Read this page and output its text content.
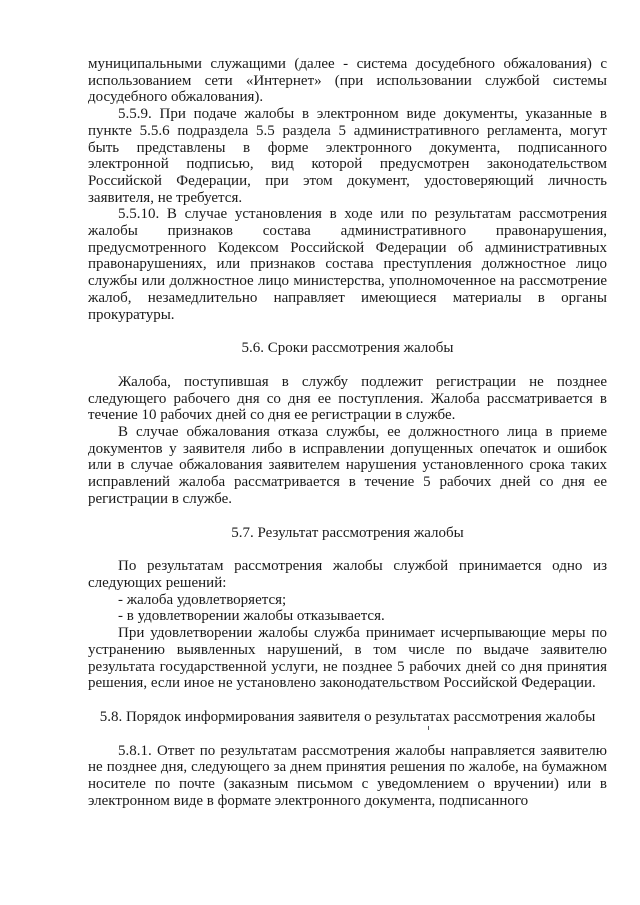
муниципальными служащими (далее - система досудебного обжалования) с использованием сети «Интернет» (при использовании службой системы досудебного обжалования).

5.5.9. При подаче жалобы в электронном виде документы, указанные в пункте 5.5.6 подраздела 5.5 раздела 5 административного регламента, могут быть представлены в форме электронного документа, подписанного электронной подписью, вид которой предусмотрен законодательством Российской Федерации, при этом документ, удостоверяющий личность заявителя, не требуется.

5.5.10. В случае установления в ходе или по результатам рассмотрения жалобы признаков состава административного правонарушения, предусмотренного Кодексом Российской Федерации об административных правонарушениях, или признаков состава преступления должностное лицо службы или должностное лицо министерства, уполномоченное на рассмотрение жалоб, незамедлительно направляет имеющиеся материалы в органы прокуратуры.

5.6. Сроки рассмотрения жалобы

Жалоба, поступившая в службу подлежит регистрации не позднее следующего рабочего дня со дня ее поступления. Жалоба рассматривается в течение 10 рабочих дней со дня ее регистрации в службе.

В случае обжалования отказа службы, ее должностного лица в приеме документов у заявителя либо в исправлении допущенных опечаток и ошибок или в случае обжалования заявителем нарушения установленного срока таких исправлений жалоба рассматривается в течение 5 рабочих дней со дня ее регистрации в службе.

5.7. Результат рассмотрения жалобы

По результатам рассмотрения жалобы службой принимается одно из следующих решений:

- жалоба удовлетворяется;

- в удовлетворении жалобы отказывается.

При удовлетворении жалобы служба принимает исчерпывающие меры по устранению выявленных нарушений, в том числе по выдаче заявителю результата государственной услуги, не позднее 5 рабочих дней со дня принятия решения, если иное не установлено законодательством Российской Федерации.

5.8. Порядок информирования заявителя о результатах рассмотрения жалобы

5.8.1. Ответ по результатам рассмотрения жалобы направляется заявителю не позднее дня, следующего за днем принятия решения по жалобе, на бумажном носителе по почте (заказным письмом с уведомлением о вручении) или в электронном виде в формате электронного документа, подписанного
